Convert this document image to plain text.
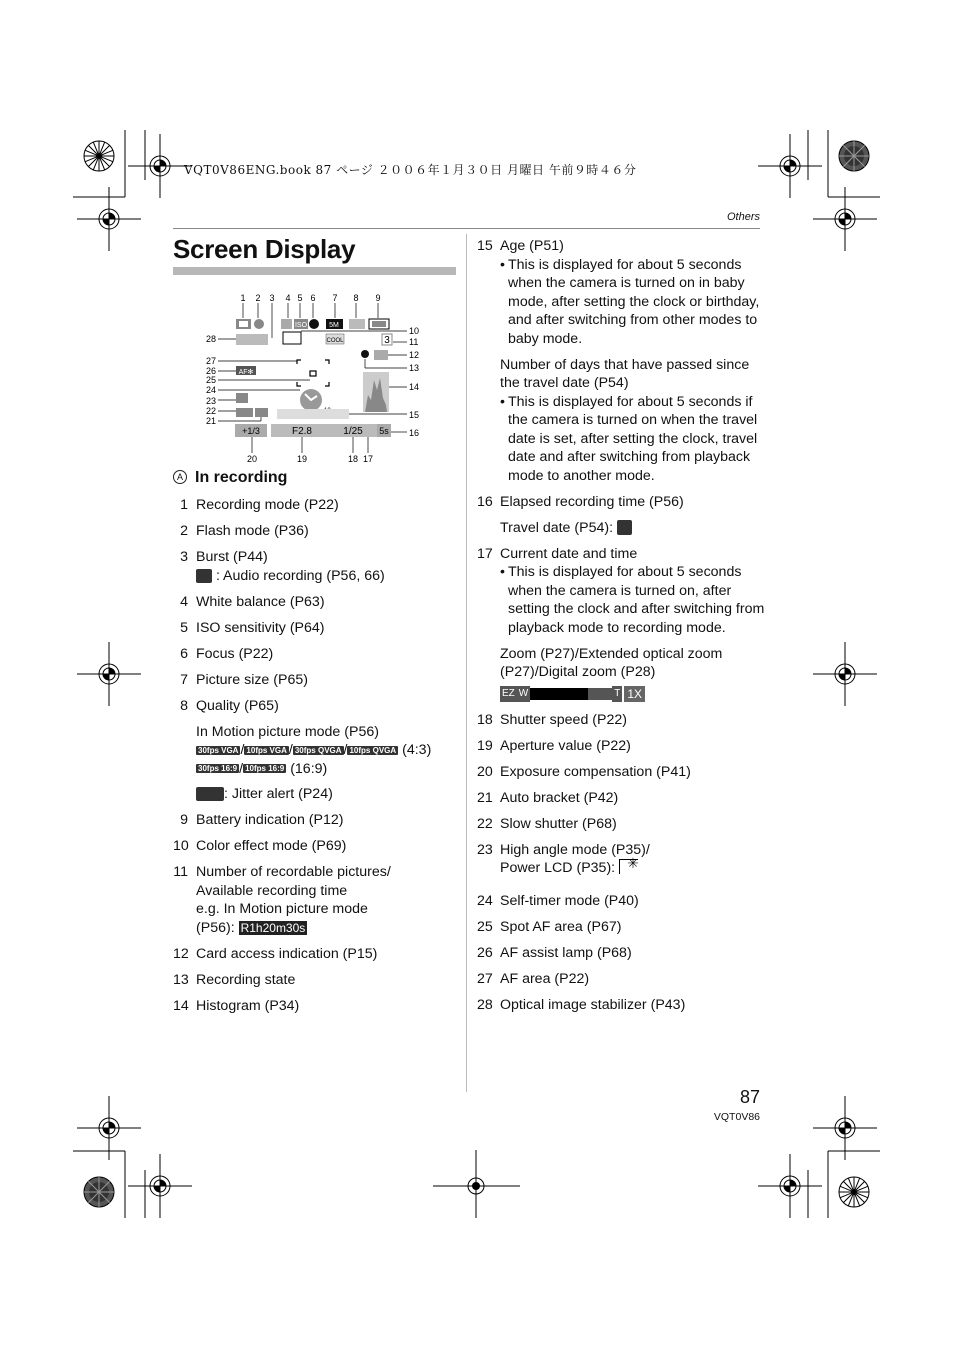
VQT0V86ENG.book 87 ページ ２００６年１月３０日 月曜日 午前９時４６分
Others
Screen Display
1 2 3 4 5 6 7 8 9
ISO	5M
COOL	3
AF✻
+1/3	F2.8	1/25 5s
10
11
12
13
14
15
16
28
27
26
25
24
23
22
21
20	19	18 17
A In recording
1 Recording mode (P22)
2 Flash mode (P36)
3 Burst (P44)
: Audio recording (P56, 66)
4 White balance (P63)
5 ISO sensitivity (P64)
6 Focus (P22)
7 Picture size (P65)
8 Quality (P65)
In Motion picture mode (P56)
30fps VGA / 10fps VGA / 30fps QVGA / 10fps QVGA (4:3)
30fps 16:9 / 10fps 16:9 (16:9)
: Jitter alert (P24)
9 Battery indication (P12)
10 Color effect mode (P69)
11 Number of recordable pictures/
Available recording time
e.g. In Motion picture mode
(P56): R1h20m30s
12 Card access indication (P15)
13 Recording state
14 Histogram (P34)
15 Age (P51)
• This is displayed for about 5 seconds when the camera is turned on in baby mode, after setting the clock or birthday, and after switching from other modes to baby mode.
Number of days that have passed since the travel date (P54)
• This is displayed for about 5 seconds if the camera is turned on when the travel date is set, after setting the clock, travel date and after switching from playback mode to another mode.
16 Elapsed recording time (P56)
Travel date (P54):
17 Current date and time
• This is displayed for about 5 seconds when the camera is turned on, after setting the clock and after switching from playback mode to recording mode.
Zoom (P27)/Extended optical zoom (P27)/Digital zoom (P28)
EZ W	T 1X
18 Shutter speed (P22)
19 Aperture value (P22)
20 Exposure compensation (P41)
21 Auto bracket (P42)
22 Slow shutter (P68)
23 High angle mode (P35)/
Power LCD (P35): ✳
24 Self-timer mode (P40)
25 Spot AF area (P67)
26 AF assist lamp (P68)
27 AF area (P22)
28 Optical image stabilizer (P43)
87
VQT0V86
